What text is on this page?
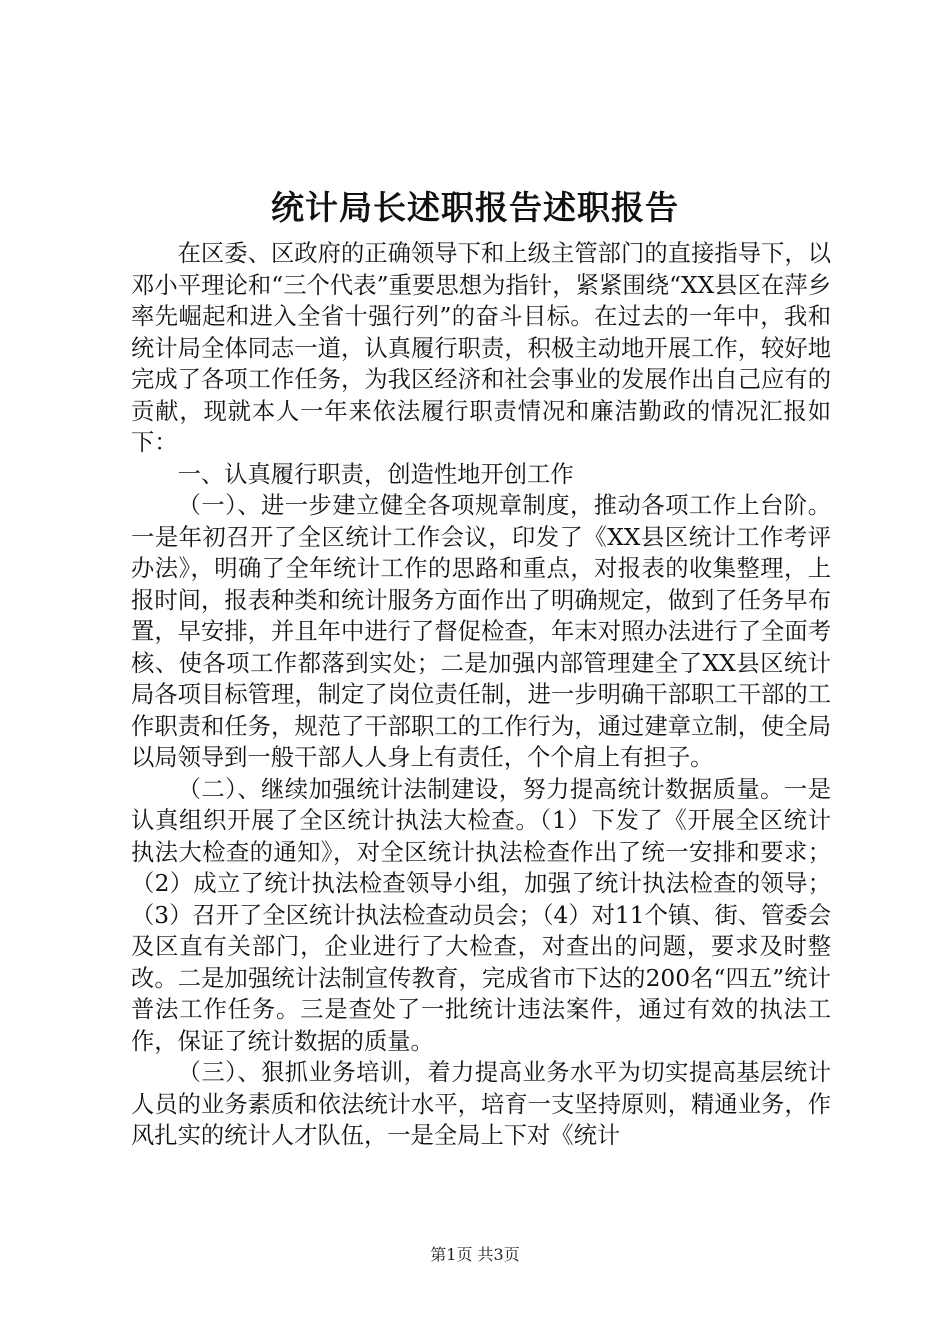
统计局长述职报告述职报告

在区委、区政府的正确领导下和上级主管部门的直接指导下，以邓小平理论和“三个代表”重要思想为指针，紧紧围绕“XX县区在萍乡率先崛起和进入全省十强行列”的奋斗目标。在过去的一年中，我和统计局全体同志一道，认真履行职责，积极主动地开展工作，较好地完成了各项工作任务，为我区经济和社会事业的发展作出自己应有的贡献，现就本人一年来依法履行职责情况和廉洁勤政的情况汇报如下：

一、认真履行职责，创造性地开创工作

（一）、进一步建立健全各项规章制度，推动各项工作上台阶。一是年初召开了全区统计工作会议，印发了《XX县区统计工作考评办法》，明确了全年统计工作的思路和重点，对报表的收集整理，上报时间，报表种类和统计服务方面作出了明确规定，做到了任务早布置，早安排，并且年中进行了督促检查，年末对照办法进行了全面考核、使各项工作都落到实处；二是加强内部管理建全了XX县区统计局各项目标管理，制定了岗位责任制，进一步明确干部职工干部的工作职责和任务，规范了干部职工的工作行为，通过建章立制，使全局以局领导到一般干部人人身上有责任，个个肩上有担子。

（二）、继续加强统计法制建设，努力提高统计数据质量。一是认真组织开展了全区统计执法大检查。（1）下发了《开展全区统计执法大检查的通知》，对全区统计执法检查作出了统一安排和要求；（2）成立了统计执法检查领导小组，加强了统计执法检查的领导；（3）召开了全区统计执法检查动员会；（4）对11个镇、街、管委会及区直有关部门，企业进行了大检查，对查出的问题，要求及时整改。二是加强统计法制宣传教育，完成省市下达的200名“四五”统计普法工作任务。三是查处了一批统计违法案件，通过有效的执法工作，保证了统计数据的质量。

（三）、狠抓业务培训，着力提高业务水平为切实提高基层统计人员的业务素质和依法统计水平，培育一支坚持原则，精通业务，作风扎实的统计人才队伍，一是全局上下对《统计

第1页 共3页
